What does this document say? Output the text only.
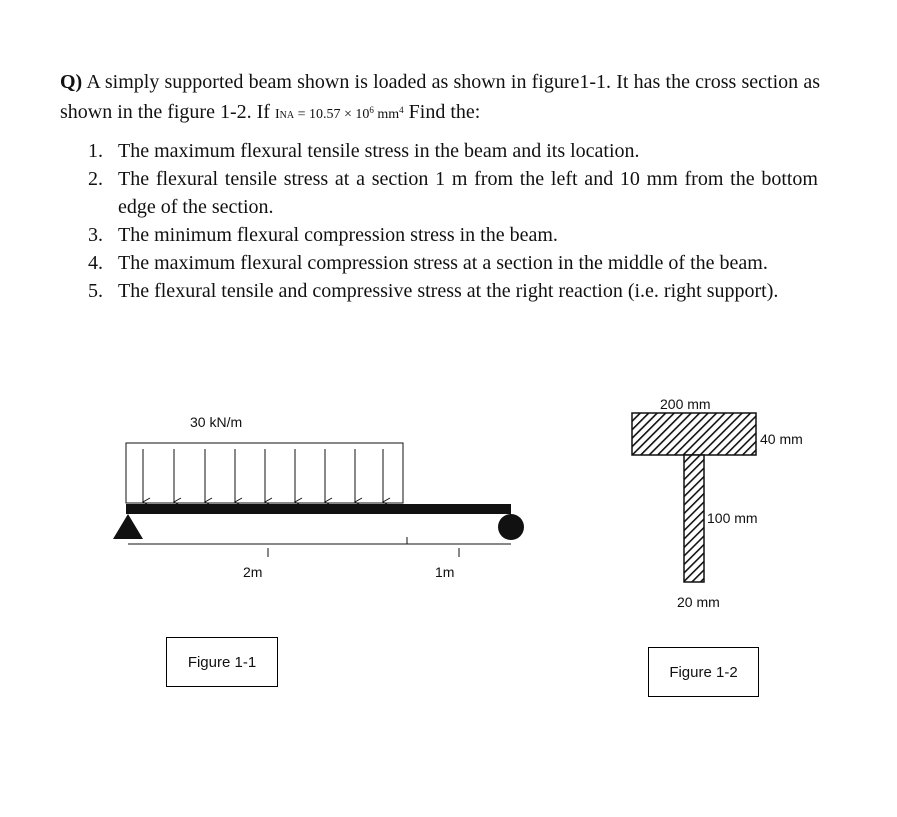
Q) A simply supported beam shown is loaded as shown in figure1-1. It has the cross section as shown in the figure 1-2. If INA = $10.57 \times 10^6$ $mm^4$ Find the:
1. The maximum flexural tensile stress in the beam and its location.
2. The flexural tensile stress at a section 1 m from the left and 10 mm from the bottom edge of the section.
3. The minimum flexural compression stress in the beam.
4. The maximum flexural compression stress at a section in the middle of the beam.
5. The flexural tensile and compressive stress at the right reaction (i.e. right support).
30 kN/m
2m	1m
200 mm
40 mm
100 mm
20 mm
Figure 1-1
Figure 1-2
